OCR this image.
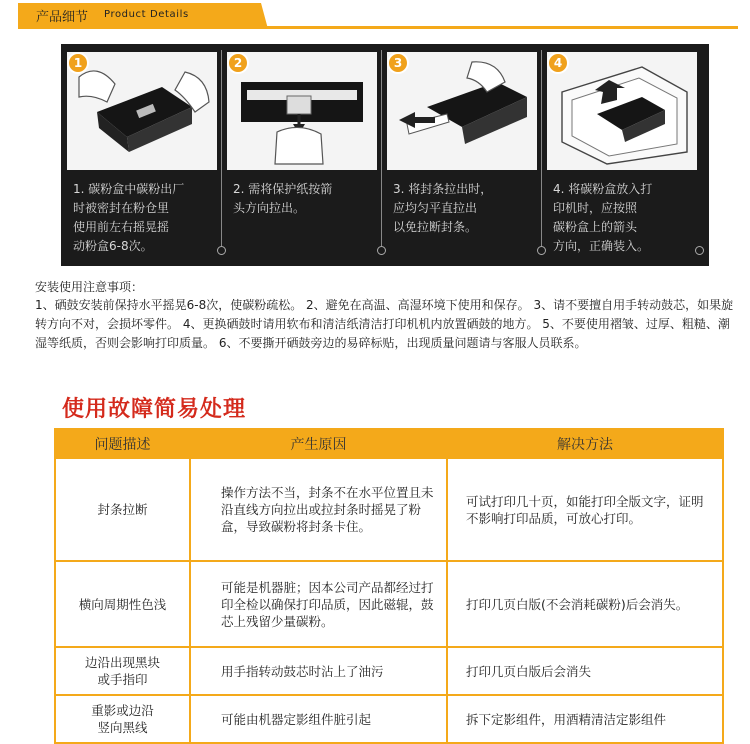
产品细节 Product Details
1
1. 碳粉盒中碳粉出厂
时被密封在粉仓里
使用前左右摇晃摇
动粉盒6-8次。
2
2. 需将保护纸按箭
头方向拉出。
3
3. 将封条拉出时，
应均匀平直拉出
以免拉断封条。
4
4. 将碳粉盒放入打
印机时，应按照
碳粉盒上的箭头
方向，正确装入。
安装使用注意事项：
1、硒鼓安装前保持水平摇晃6-8次，使碳粉疏松。 2、避免在高温、高湿环境下使用和保存。 3、请不要擅自用手转动鼓芯，如果旋转方向不对，会损坏零件。 4、更换硒鼓时请用软布和清洁纸清洁打印机机内放置硒鼓的地方。 5、不要使用褶皱、过厚、粗糙、潮湿等纸质，否则会影响打印质量。 6、不要撕开硒鼓旁边的易碎标贴，出现质量问题请与客服人员联系。
使用故障简易处理
问题描述	产生原因	解决方法

封条拉断	操作方法不当，封条不在水平位置且未沿直线方向拉出或拉封条时摇晃了粉盒，导致碳粉将封条卡住。	可试打印几十页，如能打印全版文字，证明不影响打印品质，可放心打印。

横向周期性色浅	可能是机器脏；因本公司产品都经过打印全检以确保打印品质，因此磁辊，鼓芯上残留少量碳粉。	打印几页白版(不会消耗碳粉)后会消失。

边沿出现黑块
或手指印	用手指转动鼓芯时沾上了油污	打印几页白版后会消失

重影或边沿
竖向黑线	可能由机器定影组件脏引起	拆下定影组件，用酒精清洁定影组件
